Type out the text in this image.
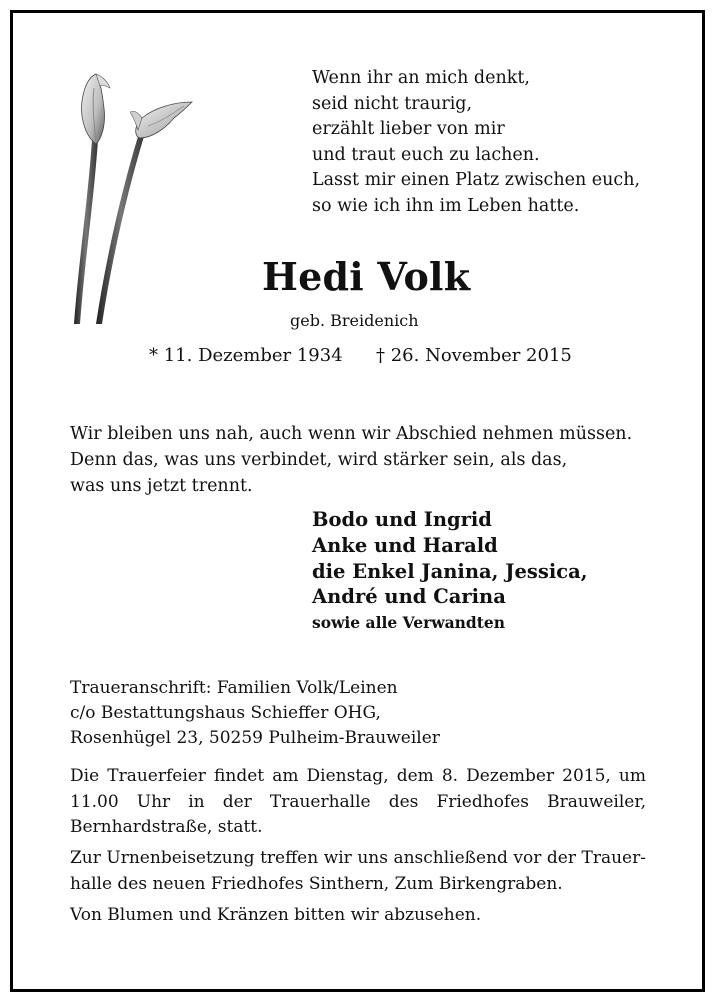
Wenn ihr an mich denkt,
seid nicht traurig,
erzählt lieber von mir
und traut euch zu lachen.
Lasst mir einen Platz zwischen euch,
so wie ich ihn im Leben hatte.
Hedi Volk
geb. Breidenich
* 11. Dezember 1934 † 26. November 2015
Wir bleiben uns nah, auch wenn wir Abschied nehmen müssen.
Denn das, was uns verbindet, wird stärker sein, als das,
was uns jetzt trennt.
Bodo und Ingrid
Anke und Harald
die Enkel Janina, Jessica,
André und Carina
sowie alle Verwandten
Traueranschrift: Familien Volk/Leinen
c/o Bestattungshaus Schieffer OHG,
Rosenhügel 23, 50259 Pulheim-Brauweiler
Die Trauerfeier findet am Dienstag, dem 8. Dezember 2015, um 11.00 Uhr in der Trauerhalle des Friedhofes Brauweiler, Bernhardstraße, statt.
Zur Urnenbeisetzung treffen wir uns anschließend vor der Trauerhalle des neuen Friedhofes Sinthern, Zum Birkengraben.
Von Blumen und Kränzen bitten wir abzusehen.
